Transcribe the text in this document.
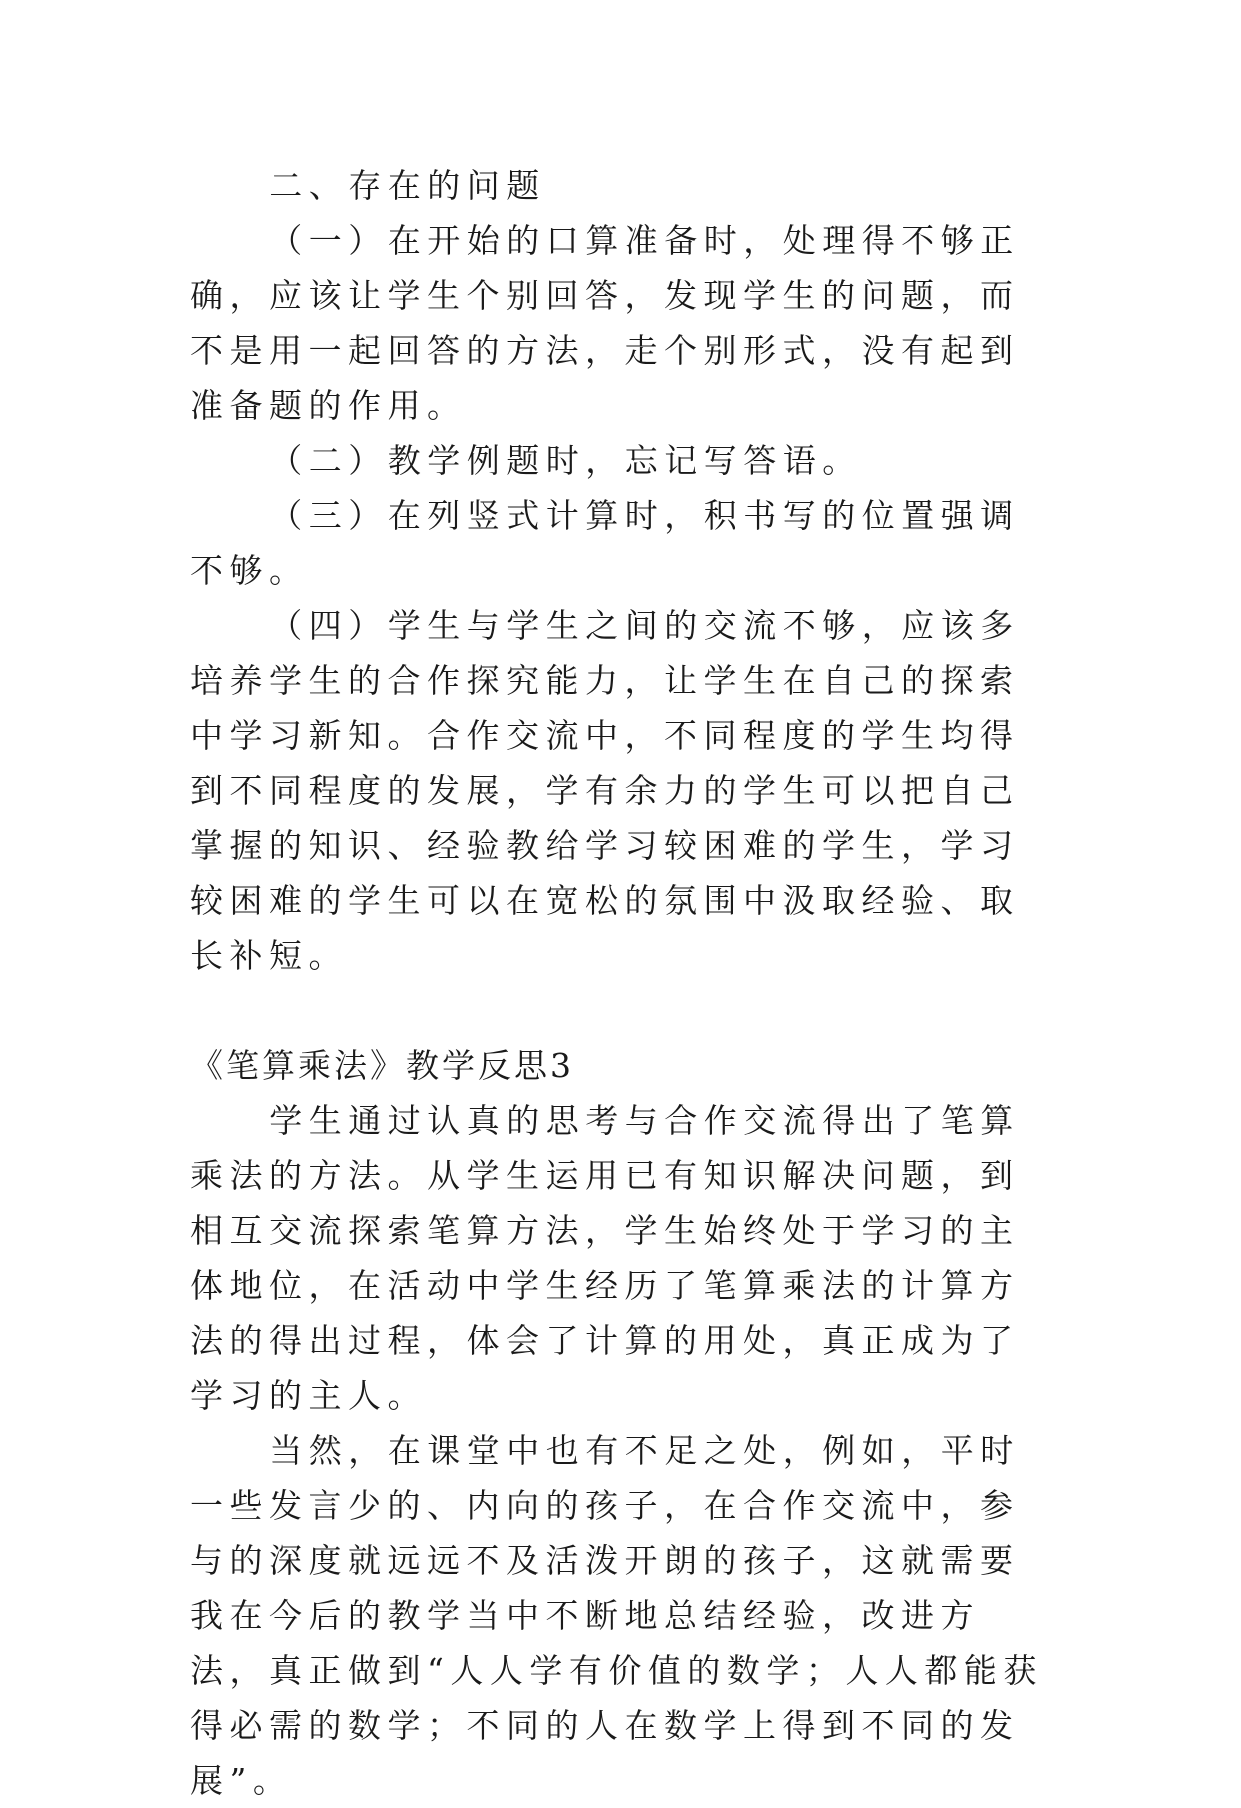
二、存在的问题

（一）在开始的口算准备时，处理得不够正确，应该让学生个别回答，发现学生的问题，而不是用一起回答的方法，走个别形式，没有起到准备题的作用。

（二）教学例题时，忘记写答语。

（三）在列竖式计算时，积书写的位置强调不够。

（四）学生与学生之间的交流不够，应该多培养学生的合作探究能力，让学生在自己的探索中学习新知。合作交流中，不同程度的学生均得到不同程度的发展，学有余力的学生可以把自己掌握的知识、经验教给学习较困难的学生，学习较困难的学生可以在宽松的氛围中汲取经验、取长补短。

《笔算乘法》教学反思3

学生通过认真的思考与合作交流得出了笔算乘法的方法。从学生运用已有知识解决问题，到相互交流探索笔算方法，学生始终处于学习的主体地位，在活动中学生经历了笔算乘法的计算方法的得出过程，体会了计算的用处，真正成为了学习的主人。

当然，在课堂中也有不足之处，例如，平时一些发言少的、内向的孩子，在合作交流中，参与的深度就远远不及活泼开朗的孩子，这就需要我在今后的教学当中不断地总结经验，改进方法，真正做到“人人学有价值的数学；人人都能获得必需的数学；不同的人在数学上得到不同的发展”。
